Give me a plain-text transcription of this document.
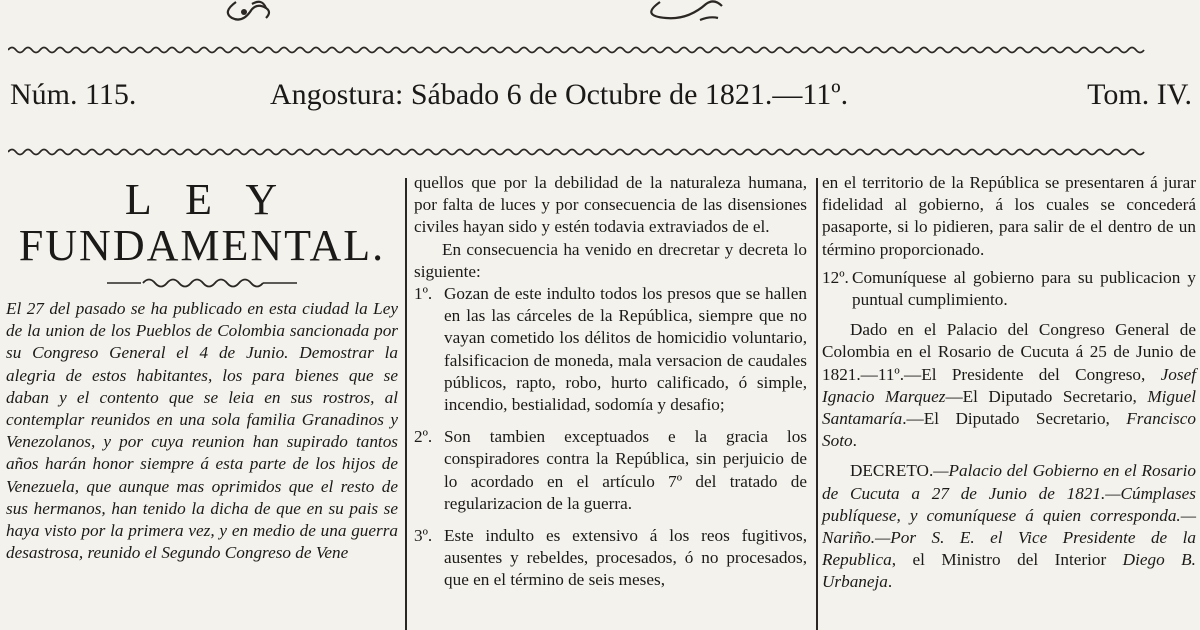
Núm. 115.	Angostura: Sábado 6 de Octubre de 1821.—11º.	Tom. IV.
L E Y
FUNDAMENTAL.

El 27 del pasado se ha publicado en esta ciudad la Ley de la union de los Pueblos de Colombia sancionada por su Congreso General el 4 de Junio. Demostrar la alegria de estos habitantes, los para bienes que se daban y el contento que se leia en sus rostros, al contemplar reunidos en una sola familia Granadinos y Venezolanos, y por cuya reunion han supirado tantos años harán honor siempre á esta parte de los hijos de Venezuela, que aunque mas oprimidos que el resto de sus hermanos, han tenido la dicha de que en su pais se haya visto por la primera vez, y en medio de una guerra desastrosa, reunido el Segundo Congreso de Vene

quellos que por la debilidad de la naturaleza humana, por falta de luces y por consecuencia de las disensiones civiles hayan sido y estén todavia extraviados de el.

En consecuencia ha venido en drecretar y decreta lo siguiente:

1º. Gozan de este indulto todos los presos que se hallen en las las cárceles de la República, siempre que no vayan cometido los délitos de homicidio voluntario, falsificacion de moneda, mala versacion de caudales públicos, rapto, robo, hurto calificado, ó simple, incendio, bestialidad, sodomía y desafio;

2º. Son tambien exceptuados e la gracia los conspiradores contra la República, sin perjuicio de lo acordado en el artículo 7º del tratado de regularizacion de la guerra.

3º. Este indulto es extensivo á los reos fugitivos, ausentes y rebeldes, procesados, ó no procesados, que en el término de seis meses,

en el territorio de la República se presentaren á jurar fidelidad al gobierno, á los cuales se concederá pasaporte, si lo pidieren, para salir de el dentro de un término proporcionado.

12º. Comuníquese al gobierno para su publicacion y puntual cumplimiento.

Dado en el Palacio del Congreso General de Colombia en el Rosario de Cucuta á 25 de Junio de 1821.—11º.—El Presidente del Congreso, Josef Ignacio Marquez—El Diputado Secretario, Miguel Santamaría.—El Diputado Secretario, Francisco Soto.

DECRETO.—Palacio del Gobierno en el Rosario de Cucuta a 27 de Junio de 1821.—Cúmplases publíquese, y comuníquese á quien corresponda.—Nariño.—Por S. E. el Vice Presidente de la Republica, el Ministro del Interior Diego B. Urbaneja.
